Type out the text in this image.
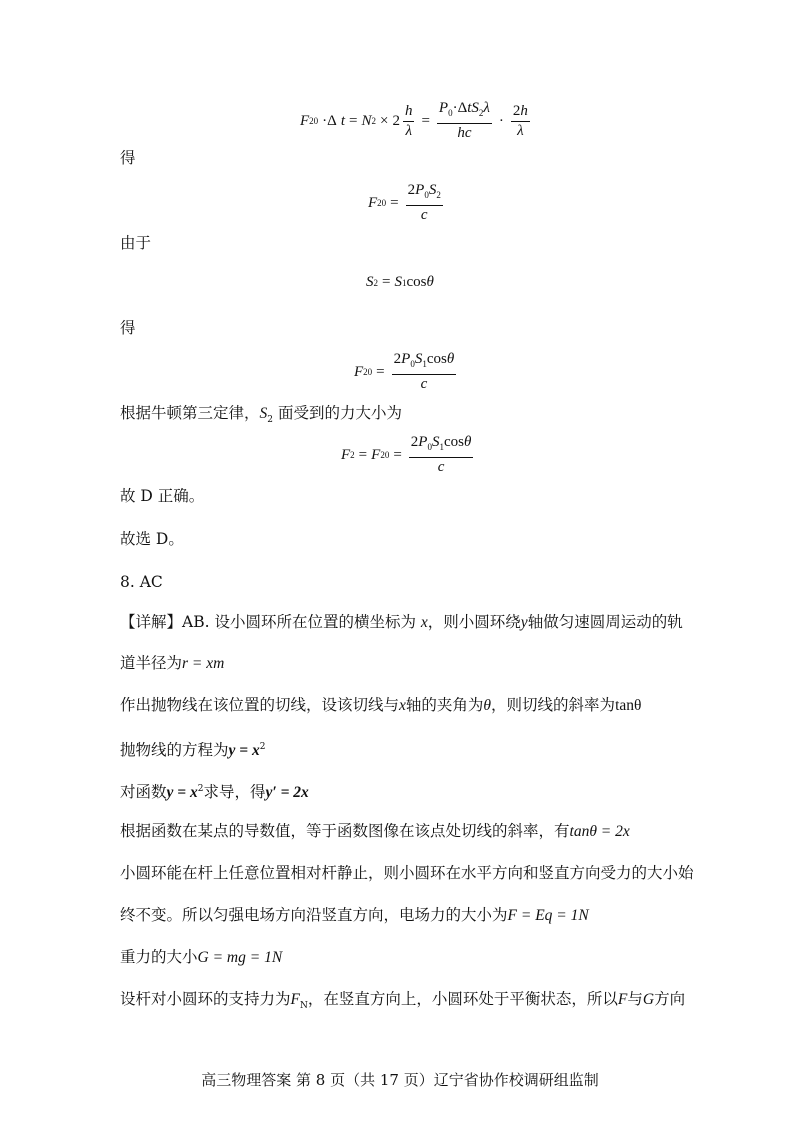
F 20 ·Δ t = N $2 \times 2 \frac{h}{\lambda} = \frac{P_0\cdot\Delta tS_2\lambda}{hc} \cdot \frac{2h}{\lambda}$
得
F $20 = \frac{2P_0S_2}{c}$
由于
S 2 = S 1 cos θ
得
F $20 = \frac{2P_0S_1\cos\theta}{c}$
根据牛顿第三定律，$S_2$ 面受到的力大小为
F 2 = F $20 = \frac{2P_0S_1\cos\theta}{c}$
故 D 正确。
故选 D。
8. AC
【详解】AB. 设小圆环所在位置的横坐标为 x，则小圆环绕y轴做匀速圆周运动的轨
道半径为r = xm
作出抛物线在该位置的切线，设该切线与x轴的夹角为θ，则切线的斜率为tanθ
抛物线的方程为$y = x^2$
对函数$y = x^2$求导，得y′ = 2x
根据函数在某点的导数值，等于函数图像在该点处切线的斜率，有tanθ = 2x
小圆环能在杆上任意位置相对杆静止，则小圆环在水平方向和竖直方向受力的大小始
终不变。所以匀强电场方向沿竖直方向，电场力的大小为F = Eq = 1N
重力的大小G = mg = 1N
设杆对小圆环的支持力为$F_N$，在竖直方向上，小圆环处于平衡状态，所以F与G方向
高三物理答案 第 8 页（共 17 页）辽宁省协作校调研组监制
